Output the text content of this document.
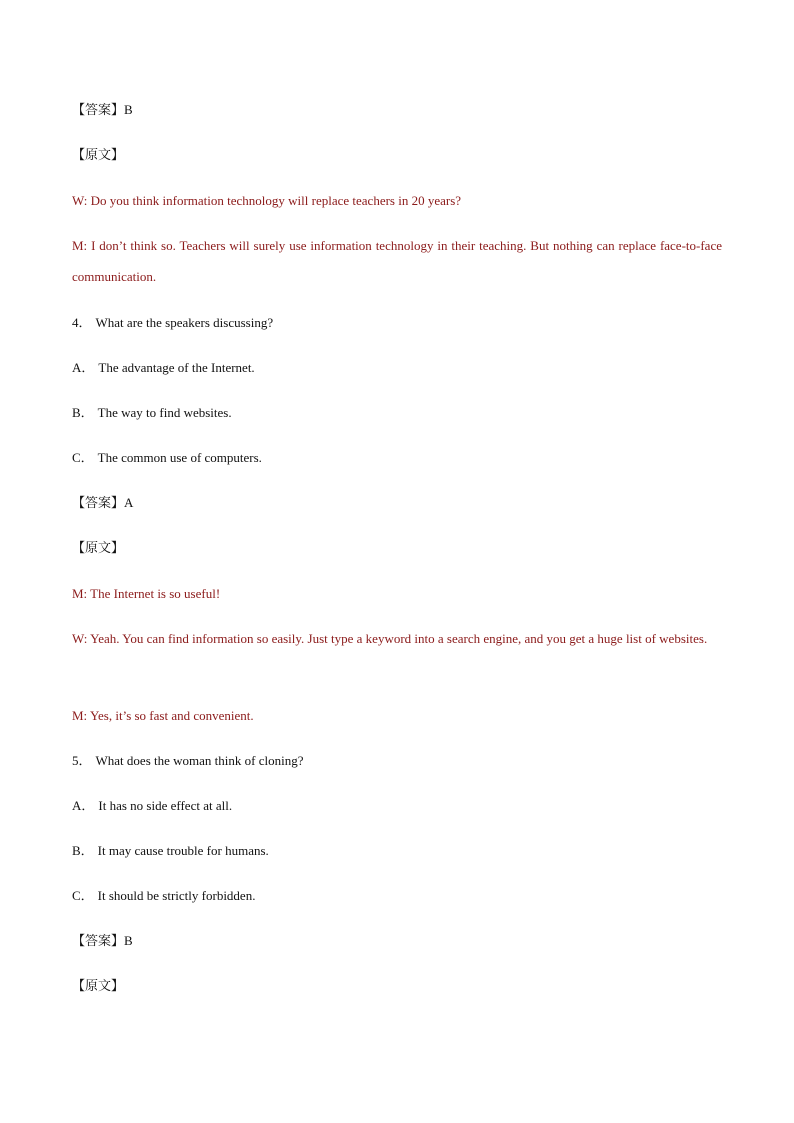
【答案】B
【原文】
W: Do you think information technology will replace teachers in 20 years?
M: I don’t think so. Teachers will surely use information technology in their teaching. But nothing can replace face-to-face communication.
4． What are the speakers discussing?
A． The advantage of the Internet.
B． The way to find websites.
C． The common use of computers.
【答案】A
【原文】
M: The Internet is so useful!
W: Yeah. You can find information so easily. Just type a keyword into a search engine, and you get a huge list of websites.
M: Yes, it’s so fast and convenient.
5． What does the woman think of cloning?
A． It has no side effect at all.
B． It may cause trouble for humans.
C． It should be strictly forbidden.
【答案】B
【原文】
